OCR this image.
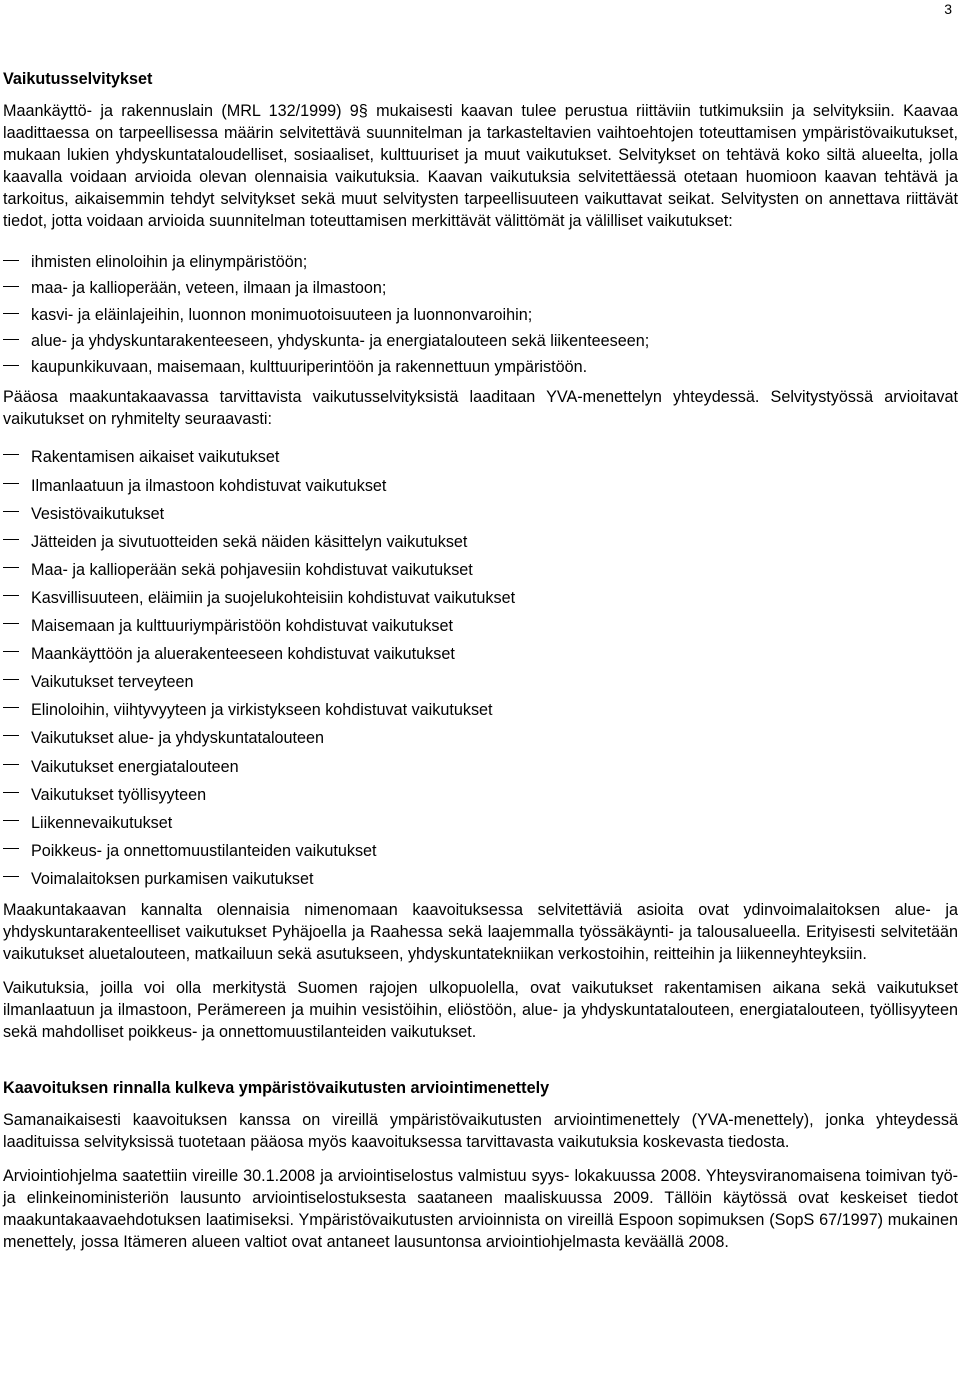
3
Vaikutusselvitykset

Maankäyttö- ja rakennuslain (MRL 132/1999) 9§ mukaisesti kaavan tulee perustua riittäviin tutkimuksiin ja selvityksiin. Kaavaa laadittaessa on tarpeellisessa määrin selvitettävä suunnitelman ja tarkasteltavien vaihtoehtojen toteuttamisen ympäristövaikutukset, mukaan lukien yhdyskuntataloudelliset, sosiaaliset, kulttuuriset ja muut vaikutukset. Selvitykset on tehtävä koko siltä alueelta, jolla kaavalla voidaan arvioida olevan olennaisia vaikutuksia. Kaavan vaikutuksia selvitettäessä otetaan huomioon kaavan tehtävä ja tarkoitus, aikaisemmin tehdyt selvitykset sekä muut selvitysten tarpeellisuuteen vaikuttavat seikat. Selvitysten on annettava riittävät tiedot, jotta voidaan arvioida suunnitelman toteuttamisen merkittävät välittömät ja välilliset vaikutukset:

ihmisten elinoloihin ja elinympäristöön;
maa- ja kallioperään, veteen, ilmaan ja ilmastoon;
kasvi- ja eläinlajeihin, luonnon monimuotoisuuteen ja luonnonvaroihin;
alue- ja yhdyskuntarakenteeseen, yhdyskunta- ja energiatalouteen sekä liikenteeseen;
kaupunkikuvaan, maisemaan, kulttuuriperintöön ja rakennettuun ympäristöön.

Pääosa maakuntakaavassa tarvittavista vaikutusselvityksistä laaditaan YVA-menettelyn yhteydessä. Selvitystyössä arvioitavat vaikutukset on ryhmitelty seuraavasti:

Rakentamisen aikaiset vaikutukset
Ilmanlaatuun ja ilmastoon kohdistuvat vaikutukset
Vesistövaikutukset
Jätteiden ja sivutuotteiden sekä näiden käsittelyn vaikutukset
Maa- ja kallioperään sekä pohjavesiin kohdistuvat vaikutukset
Kasvillisuuteen, eläimiin ja suojelukohteisiin kohdistuvat vaikutukset
Maisemaan ja kulttuuriympäristöön kohdistuvat vaikutukset
Maankäyttöön ja aluerakenteeseen kohdistuvat vaikutukset
Vaikutukset terveyteen
Elinoloihin, viihtyvyyteen ja virkistykseen kohdistuvat vaikutukset
Vaikutukset alue- ja yhdyskuntatalouteen
Vaikutukset energiatalouteen
Vaikutukset työllisyyteen
Liikennevaikutukset
Poikkeus- ja onnettomuustilanteiden vaikutukset
Voimalaitoksen purkamisen vaikutukset

Maakuntakaavan kannalta olennaisia nimenomaan kaavoituksessa selvitettäviä asioita ovat ydinvoimalaitoksen alue- ja yhdyskuntarakenteelliset vaikutukset Pyhäjoella ja Raahessa sekä laajemmalla työssäkäynti- ja talousalueella. Erityisesti selvitetään vaikutukset aluetalouteen, matkailuun sekä asutukseen, yhdyskuntatekniikan verkostoihin, reitteihin ja liikenneyhteyksiin.

Vaikutuksia, joilla voi olla merkitystä Suomen rajojen ulkopuolella, ovat vaikutukset rakentamisen aikana sekä vaikutukset ilmanlaatuun ja ilmastoon, Perämereen ja muihin vesistöihin, eliöstöön, alue- ja yhdyskuntatalouteen, energiatalouteen, työllisyyteen sekä mahdolliset poikkeus- ja onnettomuustilanteiden vaikutukset.

Kaavoituksen rinnalla kulkeva ympäristövaikutusten arviointimenettely

Samanaikaisesti kaavoituksen kanssa on vireillä ympäristövaikutusten arviointimenettely (YVA-menettely), jonka yhteydessä laadituissa selvityksissä tuotetaan pääosa myös kaavoituksessa tarvittavasta vaikutuksia koskevasta tiedosta.

Arviointiohjelma saatettiin vireille 30.1.2008 ja arviointiselostus valmistuu syys- lokakuussa 2008. Yhteysviranomaisena toimivan työ- ja elinkeinoministeriön lausunto arviointiselostuksesta saataneen maaliskuussa 2009. Tällöin käytössä ovat keskeiset tiedot maakuntakaavaehdotuksen laatimiseksi. Ympäristövaikutusten arvioinnista on vireillä Espoon sopimuksen (SopS 67/1997) mukainen menettely, jossa Itämeren alueen valtiot ovat antaneet lausuntonsa arviointiohjelmasta keväällä 2008.
